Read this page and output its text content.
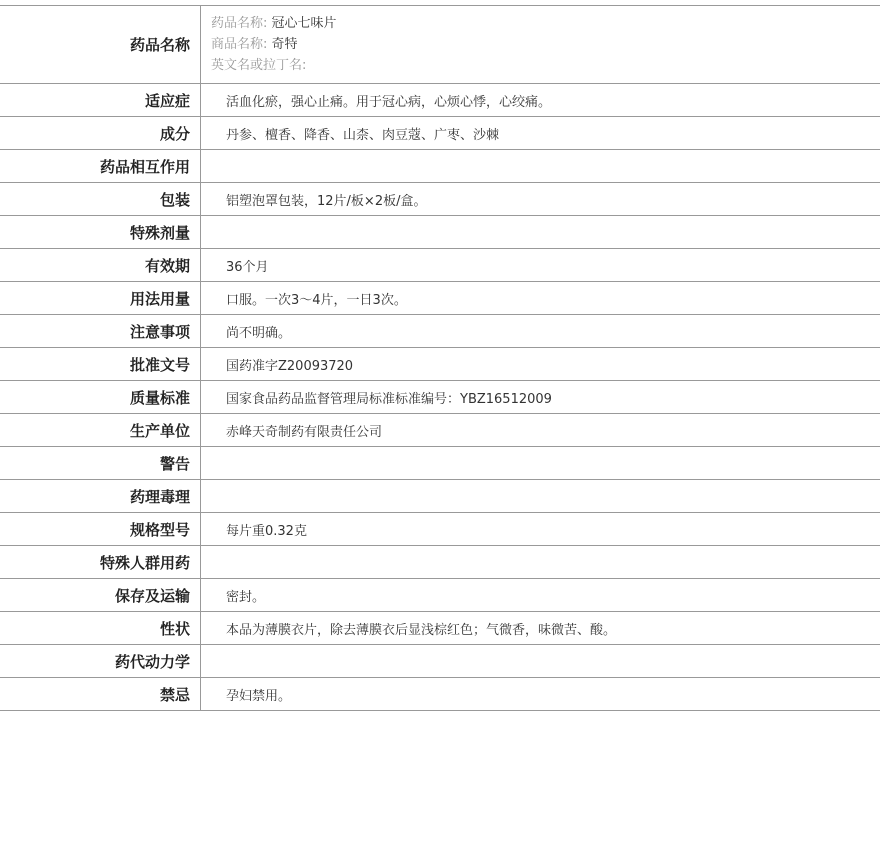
药品名称	药品名称: 冠心七味片
商品名称: 奇特
英文名或拉丁名:

适应症	活血化瘀，强心止痛。用于冠心病，心烦心悸，心绞痛。
成分	丹参、檀香、降香、山柰、肉豆蔻、广枣、沙棘
药品相互作用	
包装	铝塑泡罩包装，12片/板×2板/盒。
特殊剂量	
有效期	36个月
用法用量	口服。一次3～4片，一日3次。
注意事项	尚不明确。
批准文号	国药准字Z20093720
质量标准	国家食品药品监督管理局标准标准编号：YBZ16512009
生产单位	赤峰天奇制药有限责任公司
警告	
药理毒理	
规格型号	每片重0.32克
特殊人群用药	
保存及运输	密封。
性状	本品为薄膜衣片，除去薄膜衣后显浅棕红色；气微香，味微苦、酸。
药代动力学	
禁忌	孕妇禁用。
